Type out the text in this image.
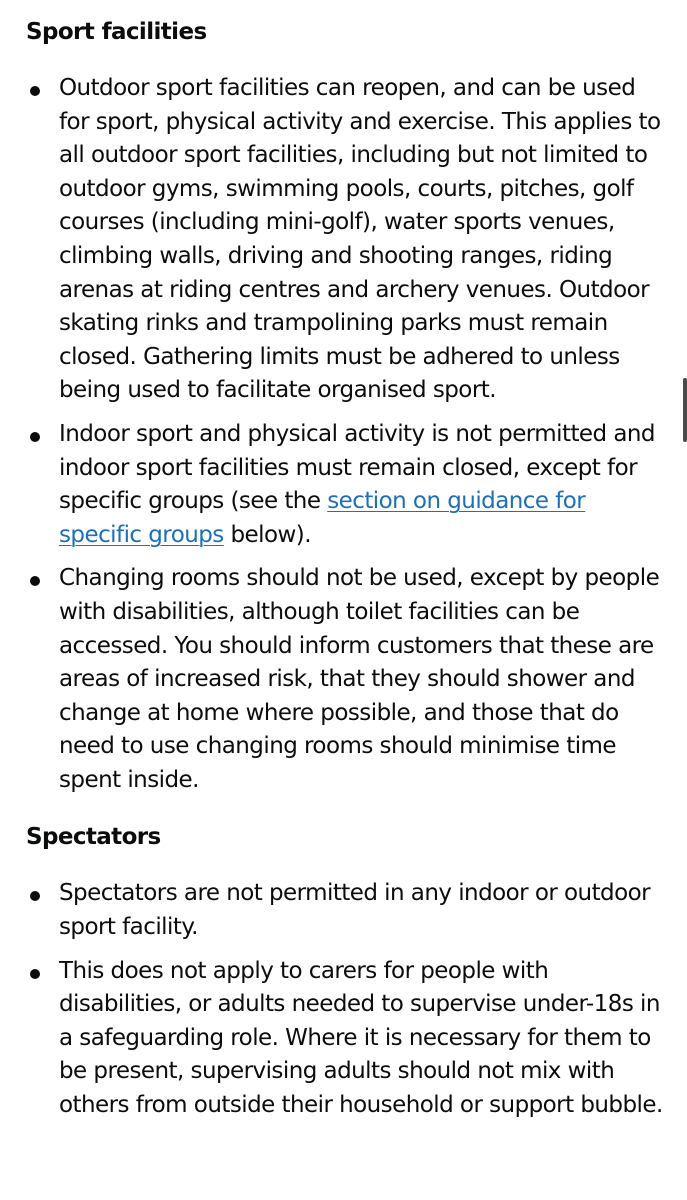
Sport facilities
Outdoor sport facilities can reopen, and can be used for sport, physical activity and exercise. This applies to all outdoor sport facilities, including but not limited to outdoor gyms, swimming pools, courts, pitches, golf courses (including mini-golf), water sports venues, climbing walls, driving and shooting ranges, riding arenas at riding centres and archery venues. Outdoor skating rinks and trampolining parks must remain closed. Gathering limits must be adhered to unless being used to facilitate organised sport.
Indoor sport and physical activity is not permitted and indoor sport facilities must remain closed, except for specific groups (see the section on guidance for specific groups below).
Changing rooms should not be used, except by people with disabilities, although toilet facilities can be accessed. You should inform customers that these are areas of increased risk, that they should shower and change at home where possible, and those that do need to use changing rooms should minimise time spent inside.
Spectators
Spectators are not permitted in any indoor or outdoor sport facility.
This does not apply to carers for people with disabilities, or adults needed to supervise under-18s in a safeguarding role. Where it is necessary for them to be present, supervising adults should not mix with others from outside their household or support bubble.
